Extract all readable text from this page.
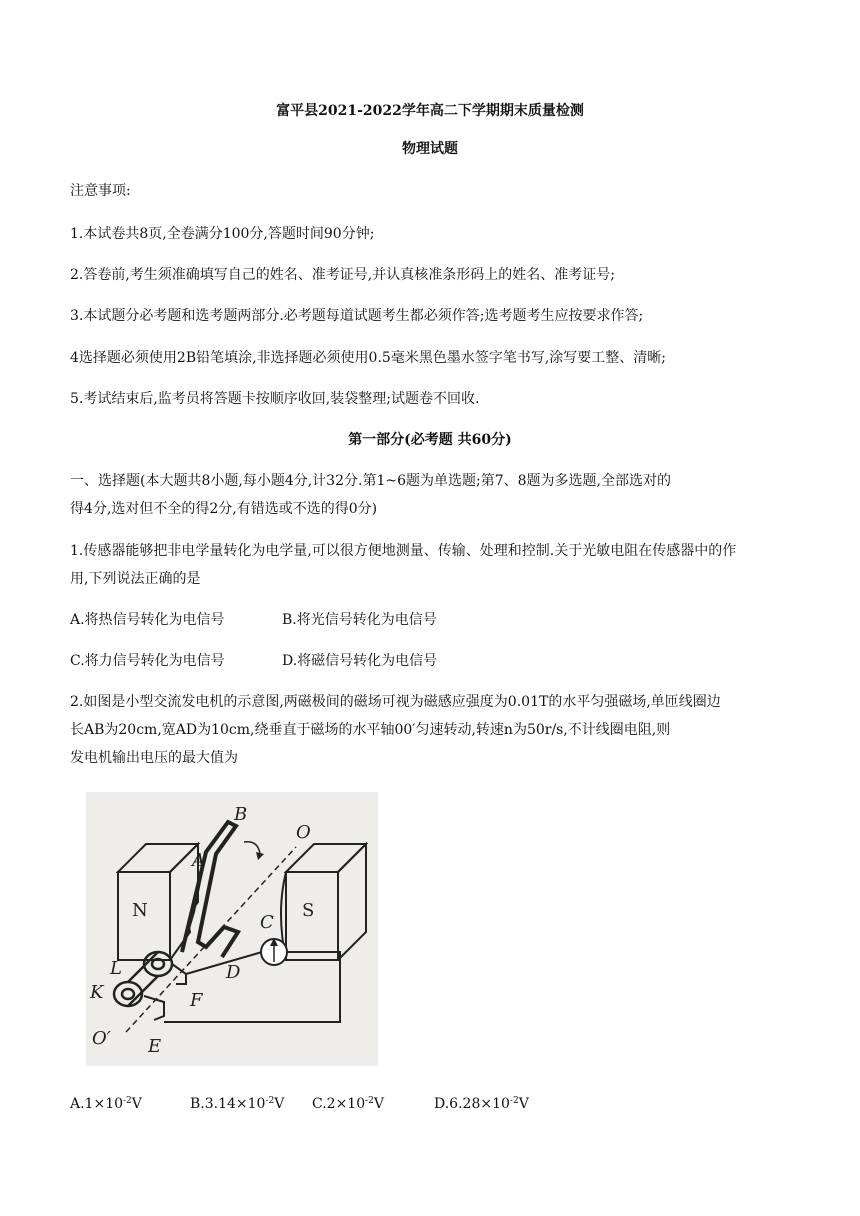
富平县2021-2022学年高二下学期期末质量检测
物理试题
注意事项:
1.本试卷共8页,全卷满分100分,答题时间90分钟;
2.答卷前,考生须准确填写自己的姓名、准考证号,并认真核准条形码上的姓名、准考证号;
3.本试题分必考题和选考题两部分.必考题每道试题考生都必须作答;选考题考生应按要求作答;
4选择题必须使用2B铅笔填涂,非选择题必须使用0.5毫米黑色墨水签字笔书写,涂写要工整、清晰;
5.考试结束后,监考员将答题卡按顺序收回,装袋整理;试题卷不回收.
第一部分(必考题 共60分)
一、选择题(本大题共8小题,每小题4分,计32分.第1~6题为单选题;第7、8题为多选题,全部选对的
得4分,选对但不全的得2分,有错选或不选的得0分)
1.传感器能够把非电学量转化为电学量,可以很方便地测量、传输、处理和控制.关于光敏电阻在传感器中的作
用,下列说法正确的是
A.将热信号转化为电信号	B.将光信号转化为电信号
C.将力信号转化为电信号	D.将磁信号转化为电信号
2.如图是小型交流发电机的示意图,两磁极间的磁场可视为磁感应强度为0.01T的水平匀强磁场,单匝线圈边
长AB为20cm,宽AD为10cm,绕垂直于磁场的水平轴00′匀速转动,转速n为50r/s,不计线圈电阻,则
发电机输出电压的最大值为
B
O
A
N	S
C
L	D
K	F
O′ E
$A.1\times 10^{-2}V$	$B.3.14\times 10^{-2}V$ $C.2\times 10^{-2}V$	$D.6.28\times 10^{-2}V$
